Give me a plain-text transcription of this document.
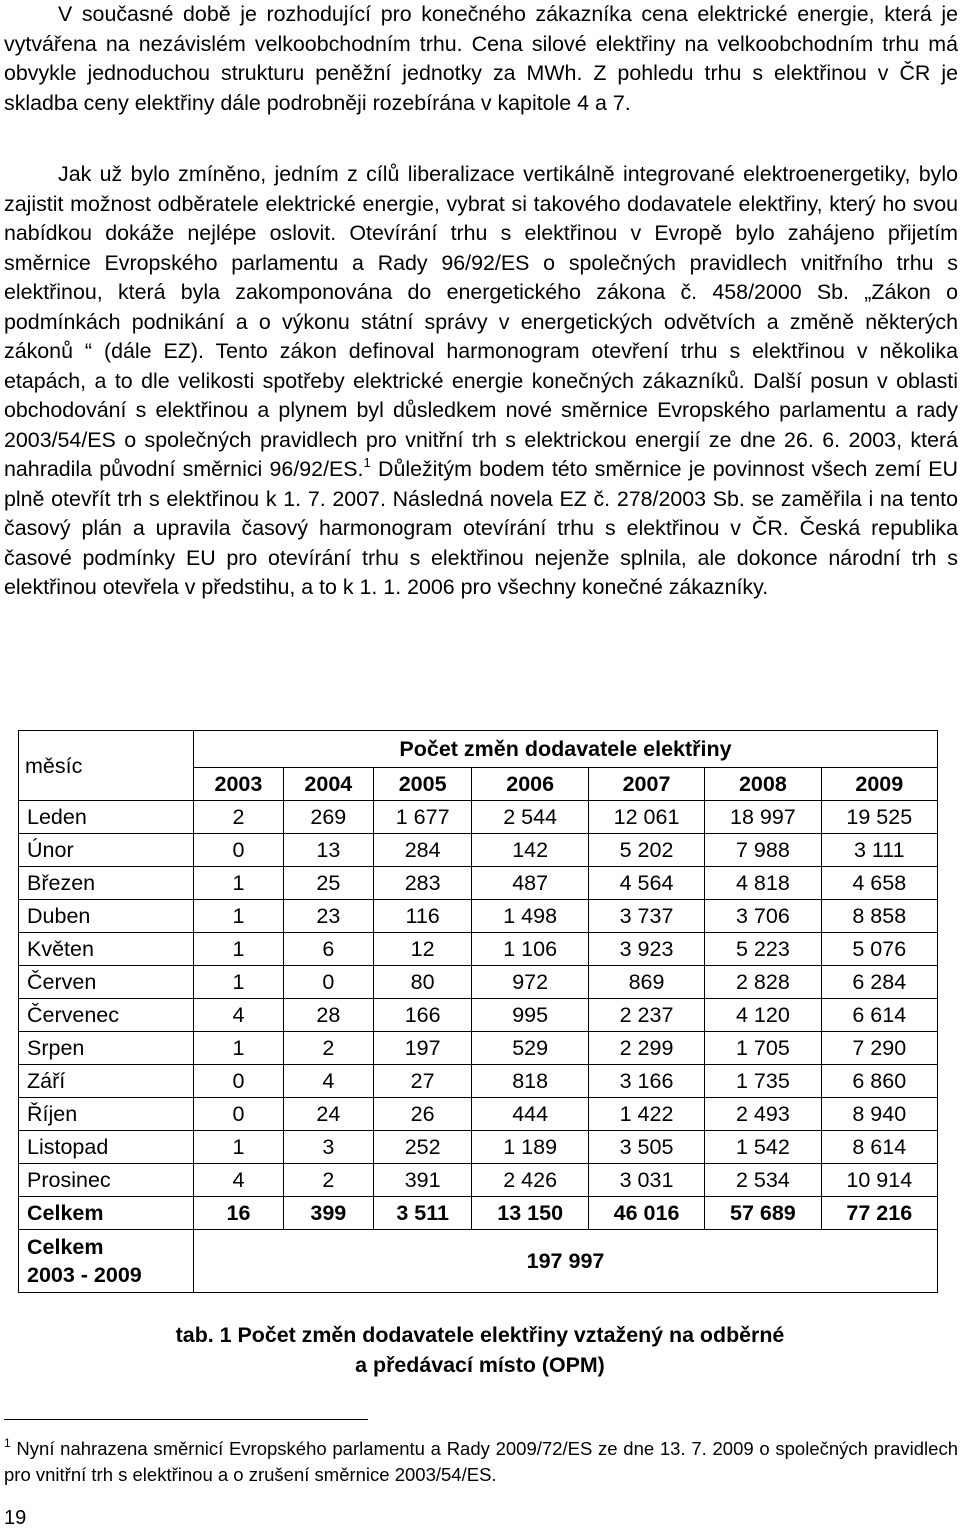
V současné době je rozhodující pro konečného zákazníka cena elektrické energie, která je vytvářena na nezávislém velkoobchodním trhu. Cena silové elektřiny na velkoobchodním trhu má obvykle jednoduchou strukturu peněžní jednotky za MWh. Z pohledu trhu s elektřinou v ČR je skladba ceny elektřiny dále podrobněji rozebírána v kapitole 4 a 7.

Jak už bylo zmíněno, jedním z cílů liberalizace vertikálně integrované elektroenergetiky, bylo zajistit možnost odběratele elektrické energie, vybrat si takového dodavatele elektřiny, který ho svou nabídkou dokáže nejlépe oslovit. Otevírání trhu s elektřinou v Evropě bylo zahájeno přijetím směrnice Evropského parlamentu a Rady 96/92/ES o společných pravidlech vnitřního trhu s elektřinou, která byla zakomponována do energetického zákona č. 458/2000 Sb. „Zákon o podmínkách podnikání a o výkonu státní správy v energetických odvětvích a změně některých zákonů “ (dále EZ). Tento zákon definoval harmonogram otevření trhu s elektřinou v několika etapách, a to dle velikosti spotřeby elektrické energie konečných zákazníků. Další posun v oblasti obchodování s elektřinou a plynem byl důsledkem nové směrnice Evropského parlamentu a rady 2003/54/ES o společných pravidlech pro vnitřní trh s elektrickou energií ze dne 26. 6. 2003, která nahradila původní směrnici 96/92/ES.$^1$ Důležitým bodem této směrnice je povinnost všech zemí EU plně otevřít trh s elektřinou k 1. 7. 2007. Následná novela EZ č. 278/2003 Sb. se zaměřila i na tento časový plán a upravila časový harmonogram otevírání trhu s elektřinou v ČR. Česká republika časové podmínky EU pro otevírání trhu s elektřinou nejenže splnila, ale dokonce národní trh s elektřinou otevřela v předstihu, a to k 1. 1. 2006 pro všechny konečné zákazníky.

měsíc	Počet změn dodavatele elektřiny						
	2003	2004	2005	2006	2007	2008	2009
Leden	2	269	1 677	2 544	12 061	18 997	19 525
Únor	0	13	284	142	5 202	7 988	3 111
Březen	1	25	283	487	4 564	4 818	4 658
Duben	1	23	116	1 498	3 737	3 706	8 858
Květen	1	6	12	1 106	3 923	5 223	5 076
Červen	1	0	80	972	869	2 828	6 284
Červenec	4	28	166	995	2 237	4 120	6 614
Srpen	1	2	197	529	2 299	1 705	7 290
Září	0	4	27	818	3 166	1 735	6 860
Říjen	0	24	26	444	1 422	2 493	8 940
Listopad	1	3	252	1 189	3 505	1 542	8 614
Prosinec	4	2	391	2 426	3 031	2 534	10 914
Celkem	16	399	3 511	13 150	46 016	57 689	77 216

Celkem
2003 - 2009	197 997						
tab. 1 Počet změn dodavatele elektřiny vztažený na odběrné
a předávací místo (OPM)

$^1$ Nyní nahrazena směrnicí Evropského parlamentu a Rady 2009/72/ES ze dne 13. 7. 2009 o společných pravidlech pro vnitřní trh s elektřinou a o zrušení směrnice 2003/54/ES.

19
